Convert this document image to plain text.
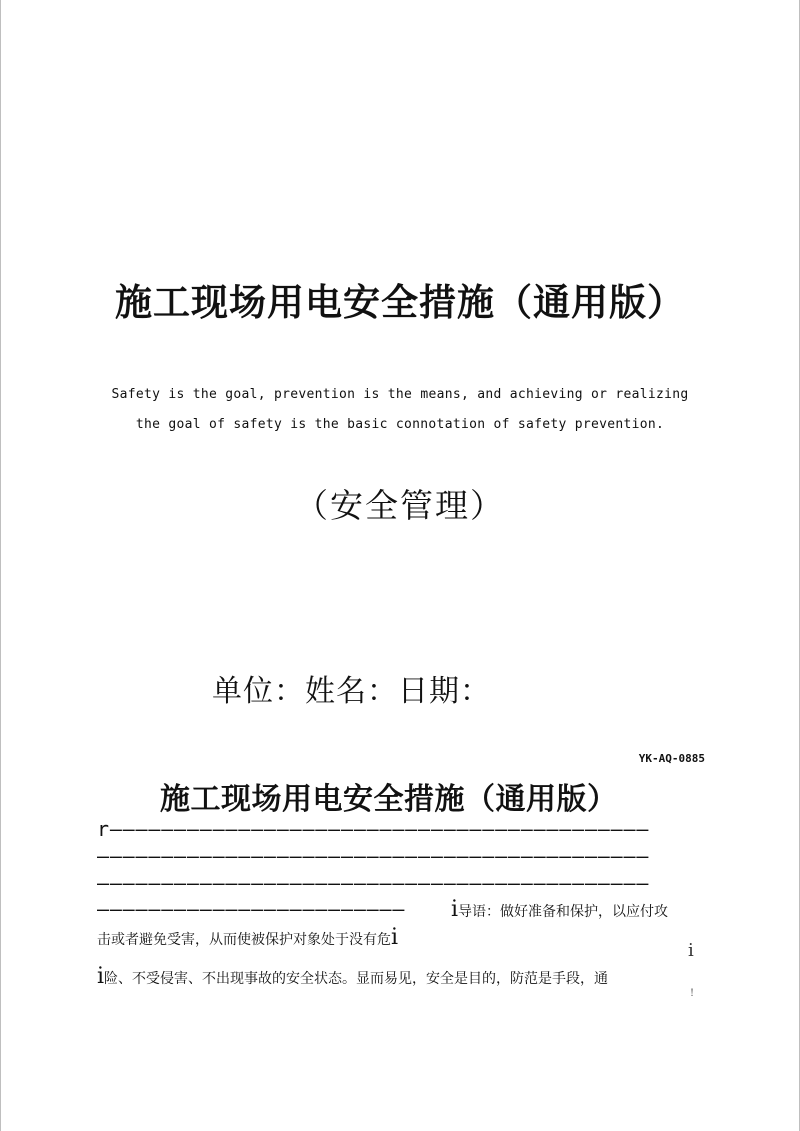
施工现场用电安全措施（通用版）

Safety is the goal, prevention is the means, and achieving or realizing

the goal of safety is the basic connotation of safety prevention.

（安全管理）

单位：姓名：日期：

YK-AQ-0885

施工现场用电安全措施（通用版）
r——————————————————————————————————————————
———————————————————————————————————————————
———————————————————————————————————————————
————————————————————————	i导语：做好准备和保护，以应付攻

击或者避免受害，从而使被保护对象处于没有危i

i险、不受侵害、不出现事故的安全状态。显而易见，安全是目的，防范是手段，通

i
!
